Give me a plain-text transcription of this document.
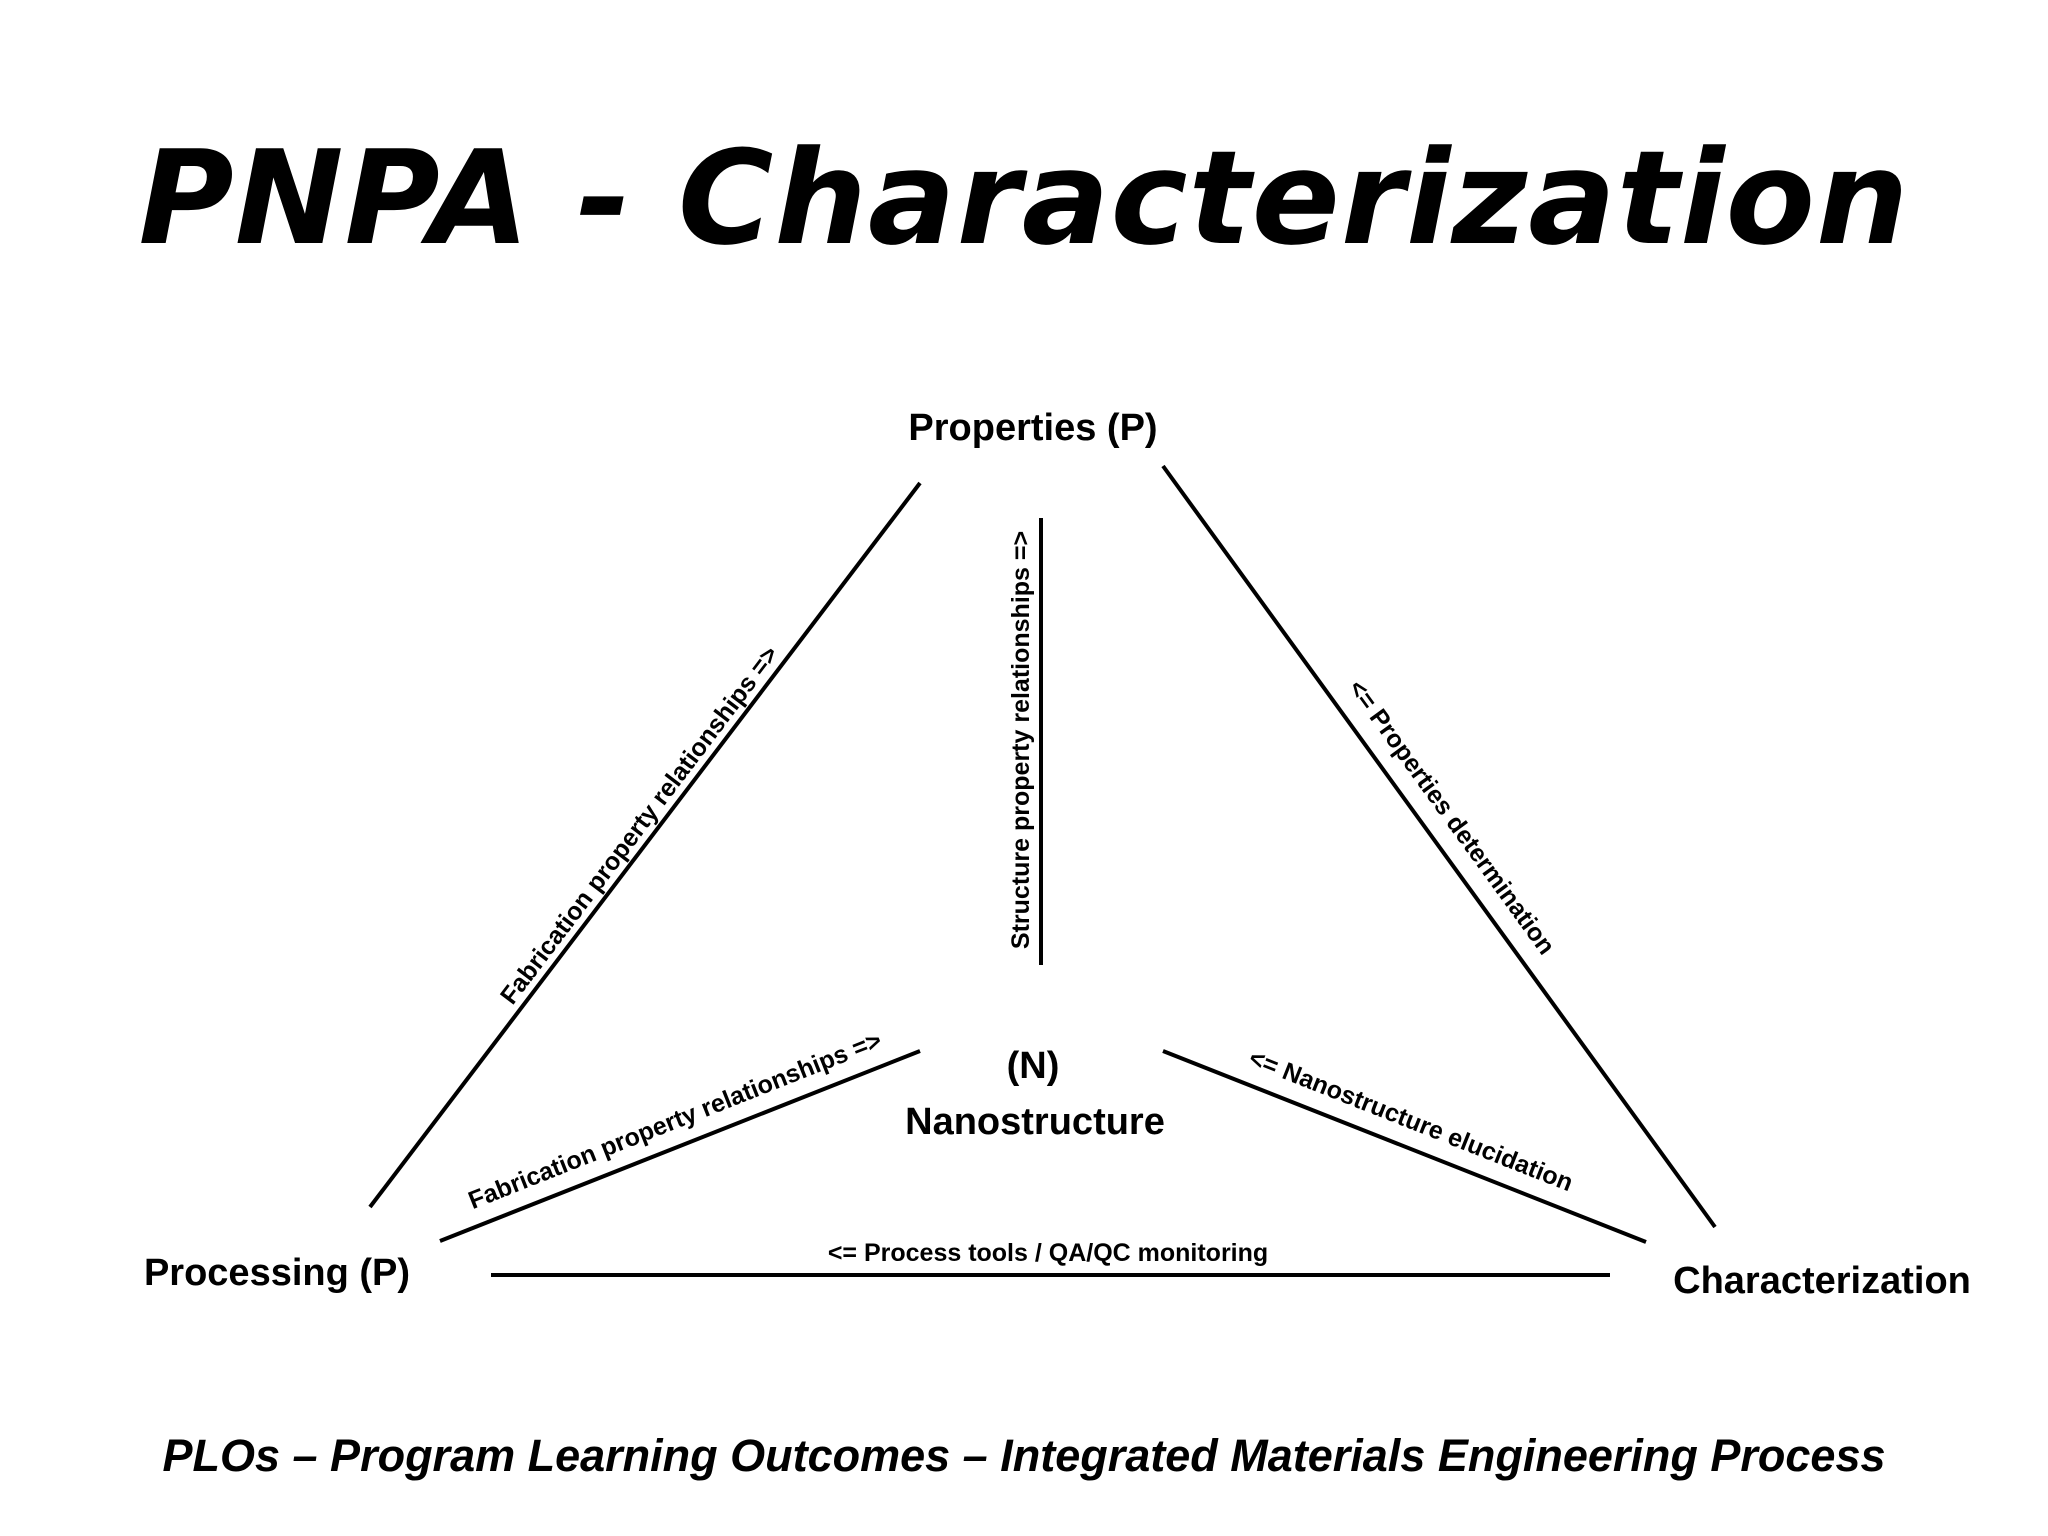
PNPA - Characterization
Properties (P)
(N)
Nanostructure
Processing (P)	Characterization
Fabrication property relationships =>	Structure property relationships =>	<= Properties determination
Fabrication property relationships =>	<= Nanostructure elucidation
<= Process tools / QA/QC monitoring
PLOs – Program Learning Outcomes – Integrated Materials Engineering Process
